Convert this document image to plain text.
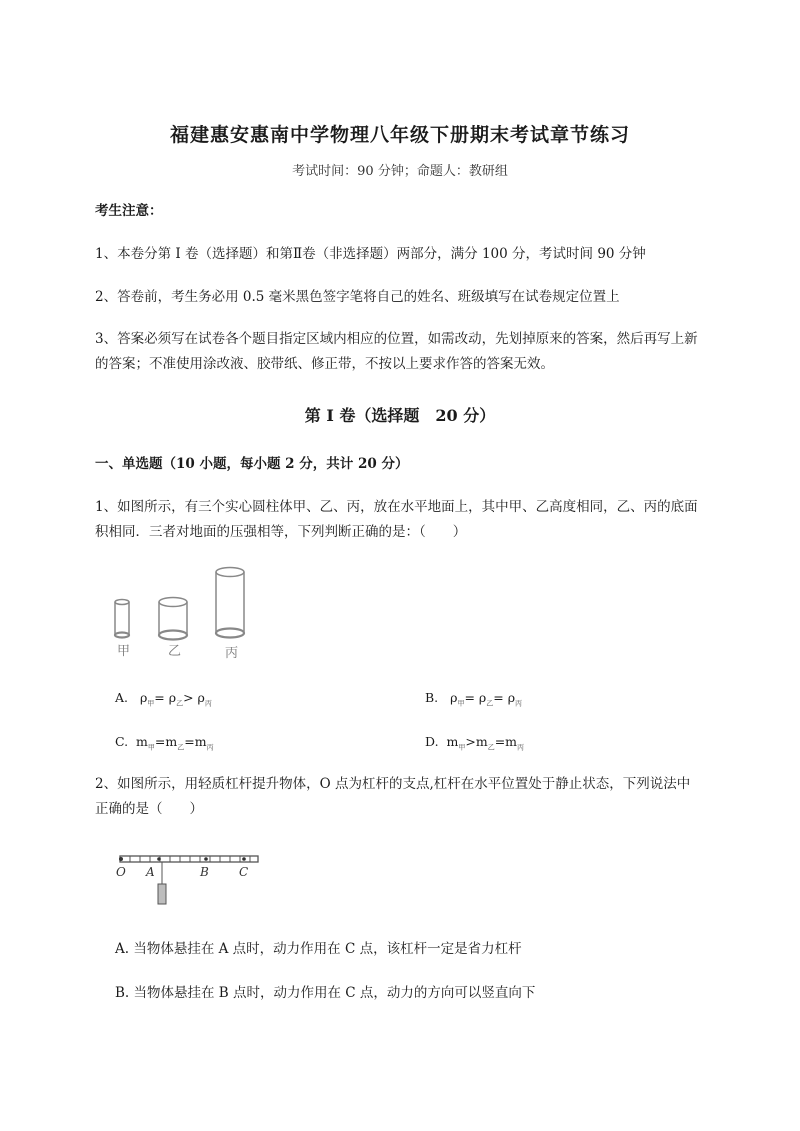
福建惠安惠南中学物理八年级下册期末考试章节练习
考试时间：90 分钟；命题人：教研组
考生注意：
1、本卷分第 I 卷（选择题）和第Ⅱ卷（非选择题）两部分，满分 100 分，考试时间 90 分钟
2、答卷前，考生务必用 0.5 毫米黑色签字笔将自己的姓名、班级填写在试卷规定位置上
3、答案必须写在试卷各个题目指定区域内相应的位置，如需改动，先划掉原来的答案，然后再写上新
的答案；不准使用涂改液、胶带纸、修正带，不按以上要求作答的答案无效。
第 I 卷（选择题　20 分）
一、单选题（10 小题，每小题 2 分，共计 20 分）
1、如图所示，有三个实心圆柱体甲、乙、丙，放在水平地面上，其中甲、乙高度相同，乙、丙的底面
积相同．三者对地面的压强相等，下列判断正确的是：（　　）
甲	乙	丙
A. $\rho_甲= \rho_乙> \rho_丙$	B. $\rho_甲= \rho_乙= \rho_丙$
C. $m_甲=m_乙=m_丙$	D. $m_甲>m_乙=m_丙$
2、如图所示，用轻质杠杆提升物体，O 点为杠杆的支点,杠杆在水平位置处于静止状态，下列说法中
正确的是（　　）
O A	B	C
A. 当物体悬挂在 A 点时，动力作用在 C 点，该杠杆一定是省力杠杆
B. 当物体悬挂在 B 点时，动力作用在 C 点，动力的方向可以竖直向下
